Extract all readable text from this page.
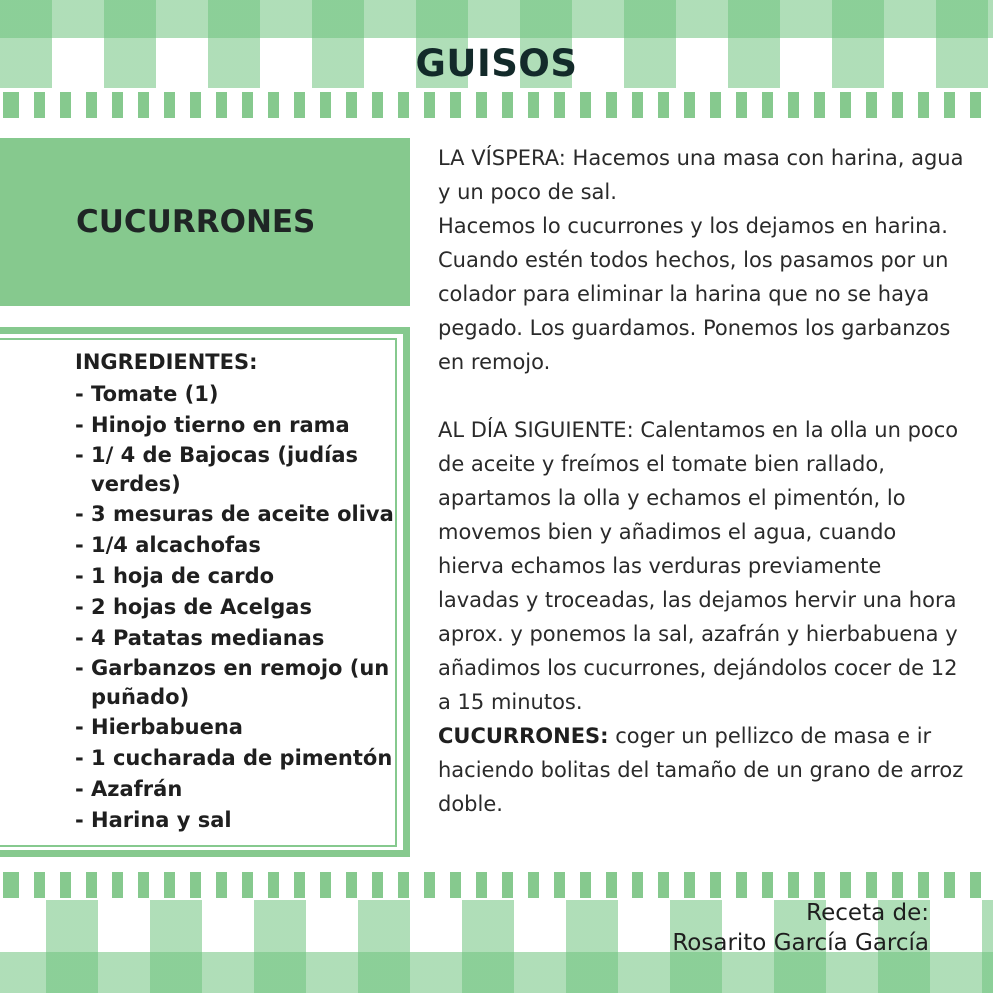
GUISOS
CUCURRONES
INGREDIENTES:
- Tomate (1)
- Hinojo tierno en rama
- 1/ 4 de Bajocas (judías verdes)
- 3 mesuras de aceite oliva
- 1/4 alcachofas
- 1 hoja de cardo
- 2 hojas de Acelgas
- 4 Patatas medianas
- Garbanzos en remojo (un puñado)
- Hierbabuena
- 1 cucharada de pimentón
- Azafrán
- Harina y sal

LA VÍSPERA: Hacemos una masa con harina, agua y un poco de sal.

Hacemos lo cucurrones y los dejamos en harina. Cuando estén todos hechos, los pasamos por un colador para eliminar la harina que no se haya pegado. Los guardamos. Ponemos los garbanzos en remojo.

AL DÍA SIGUIENTE: Calentamos en la olla un poco de aceite y freímos el tomate bien rallado, apartamos la olla y echamos el pimentón, lo movemos bien y añadimos el agua, cuando hierva echamos las verduras previamente lavadas y troceadas, las dejamos hervir una hora aprox. y ponemos la sal, azafrán y hierbabuena y añadimos los cucurrones, dejándolos cocer de 12 a 15 minutos.

CUCURRONES: coger un pellizco de masa e ir haciendo bolitas del tamaño de un grano de arroz doble.

Receta de:
Rosarito García García
